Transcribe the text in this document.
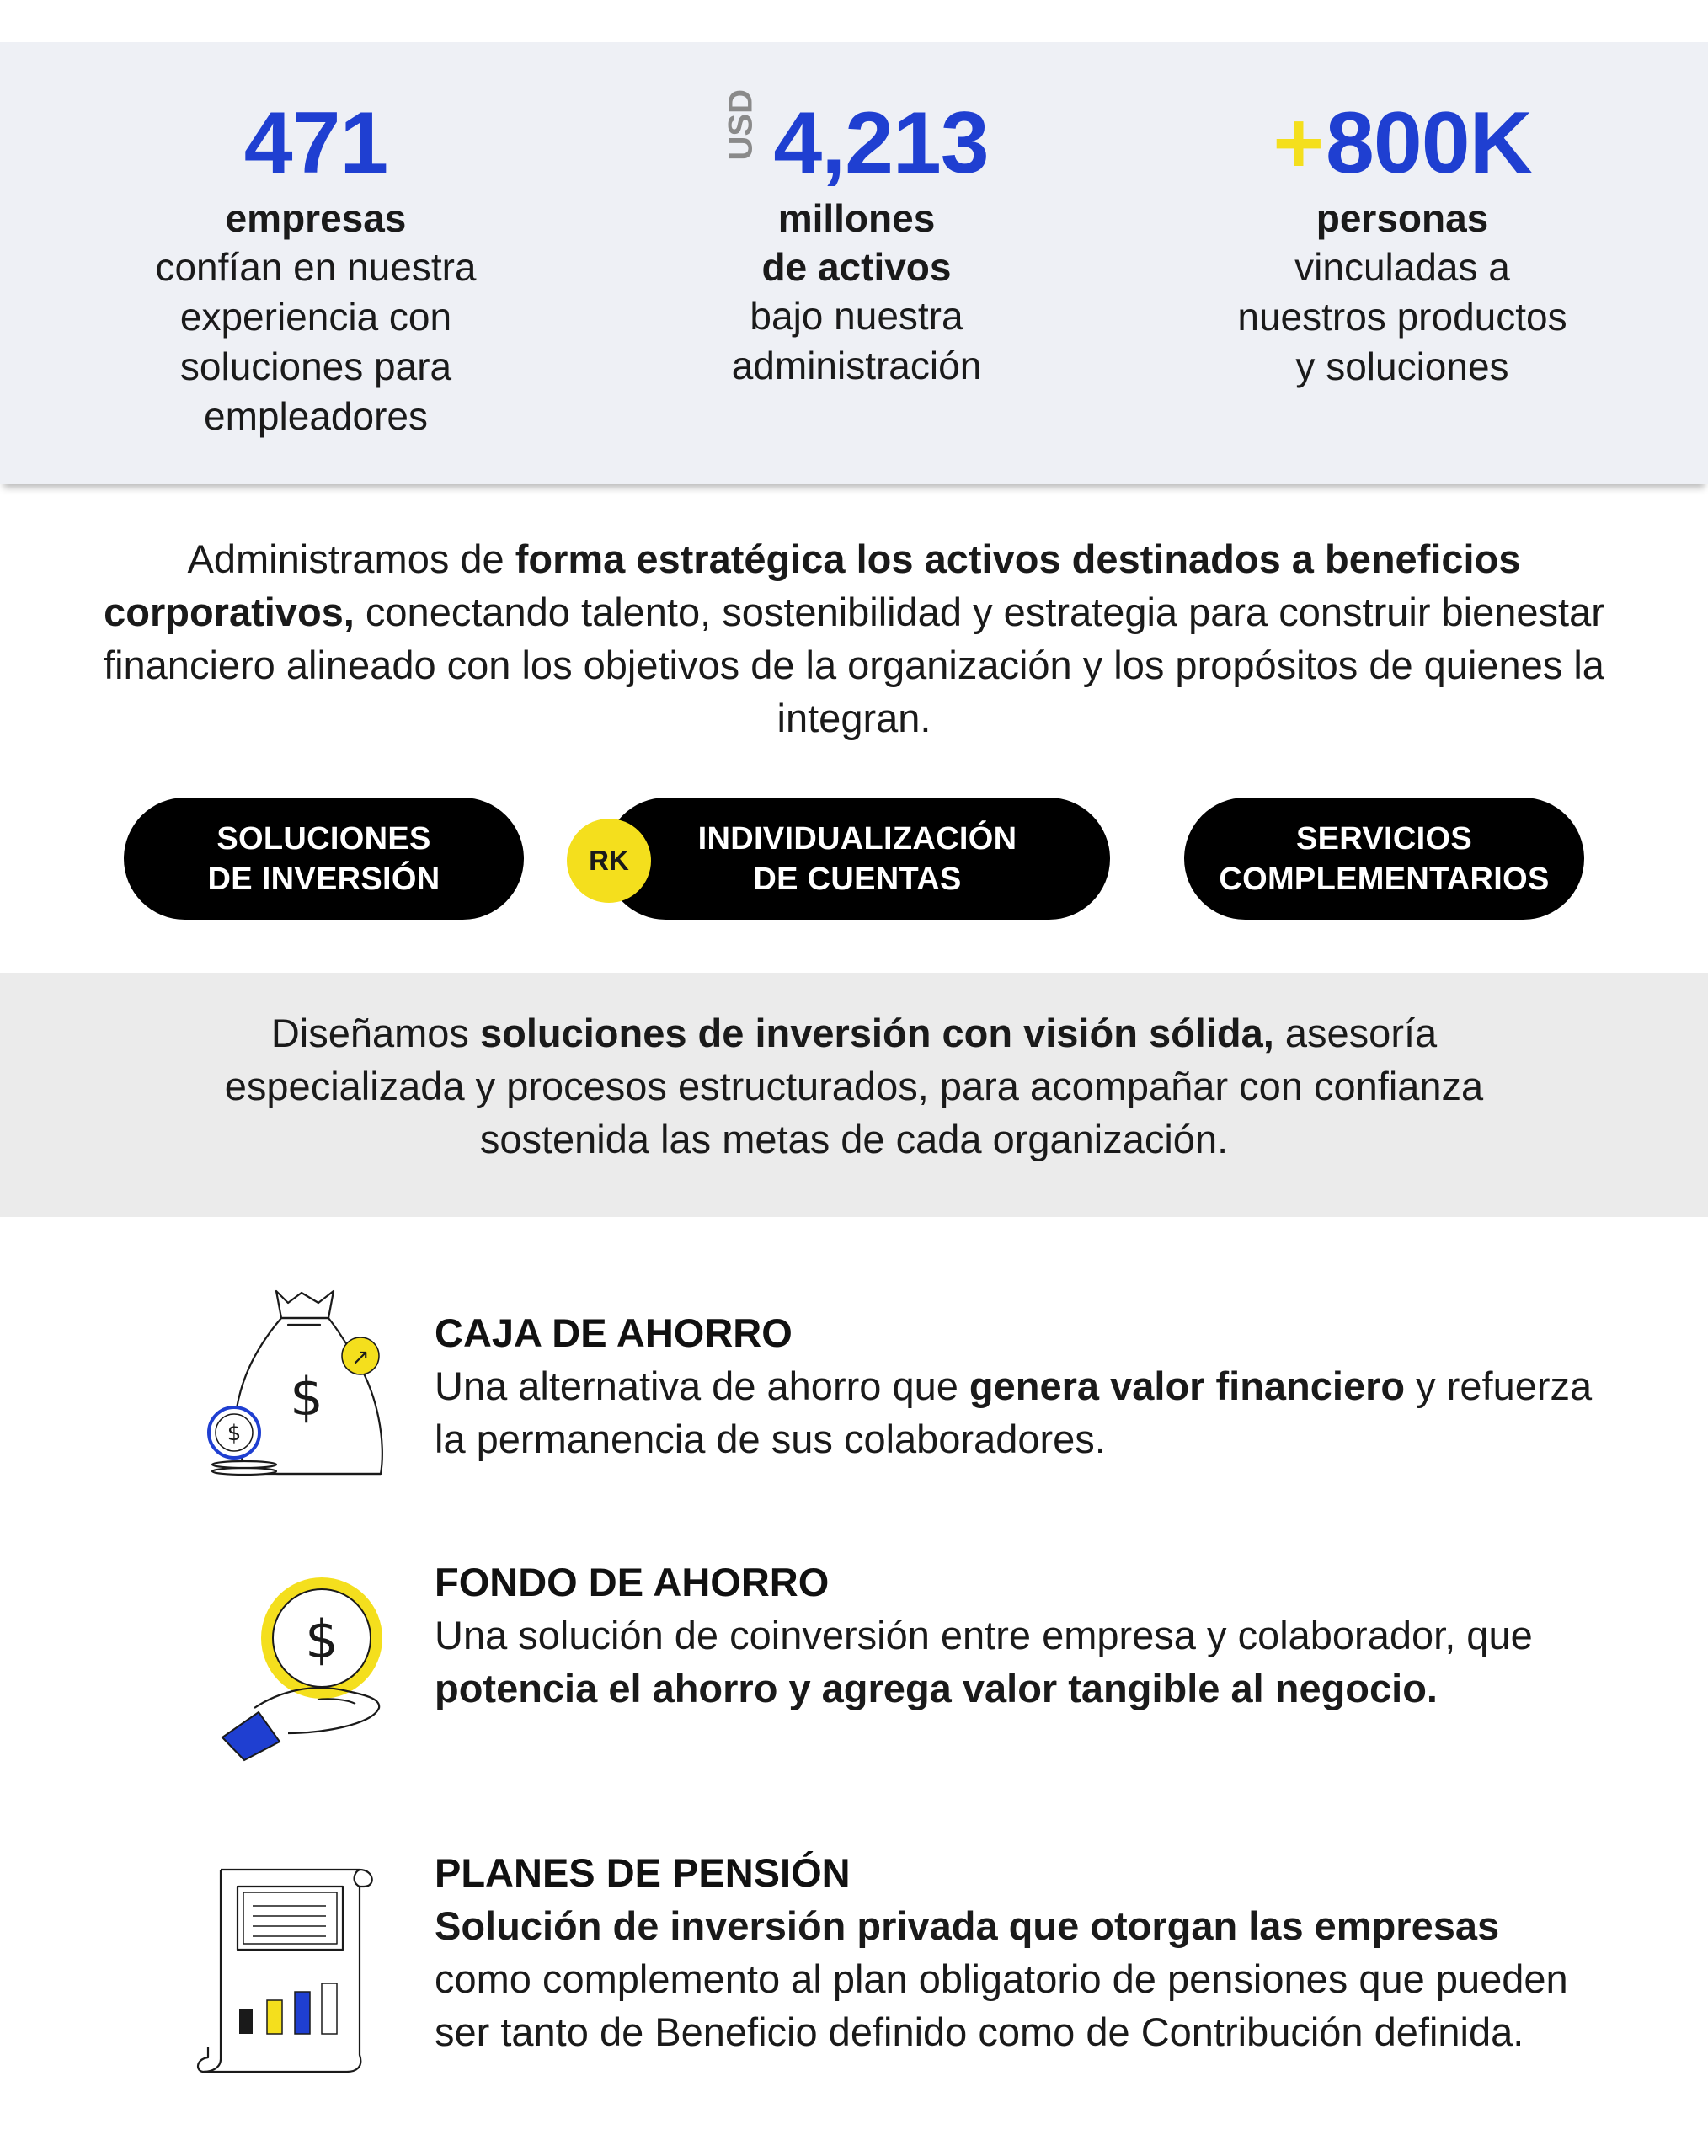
471
empresas
confían en nuestra
experiencia con
soluciones para
empleadores
USD 4,213
millones
de activos
bajo nuestra
administración
+ 800K
personas
vinculadas a
nuestros productos
y soluciones

Administramos de forma estratégica los activos destinados a beneficios corporativos, conectando talento, sostenibilidad y estrategia para construir bienestar financiero alineado con los objetivos de la organización y los propósitos de quienes la integran.

SOLUCIONES
DE INVERSIÓN
INDIVIDUALIZACIÓN
DE CUENTAS
RK
SERVICIOS
COMPLEMENTARIOS

Diseñamos soluciones de inversión con visión sólida, asesoría especializada y procesos estructurados, para acompañar con confianza sostenida las metas de cada organización.

$
$
↗
CAJA DE AHORRO

Una alternativa de ahorro que genera valor financiero y refuerza la permanencia de sus colaboradores.

$
FONDO DE AHORRO

Una solución de coinversión entre empresa y colaborador, que potencia el ahorro y agrega valor tangible al negocio.

PLANES DE PENSIÓN

Solución de inversión privada que otorgan las empresas como complemento al plan obligatorio de pensiones que pueden ser tanto de Beneficio definido como de Contribución definida.
